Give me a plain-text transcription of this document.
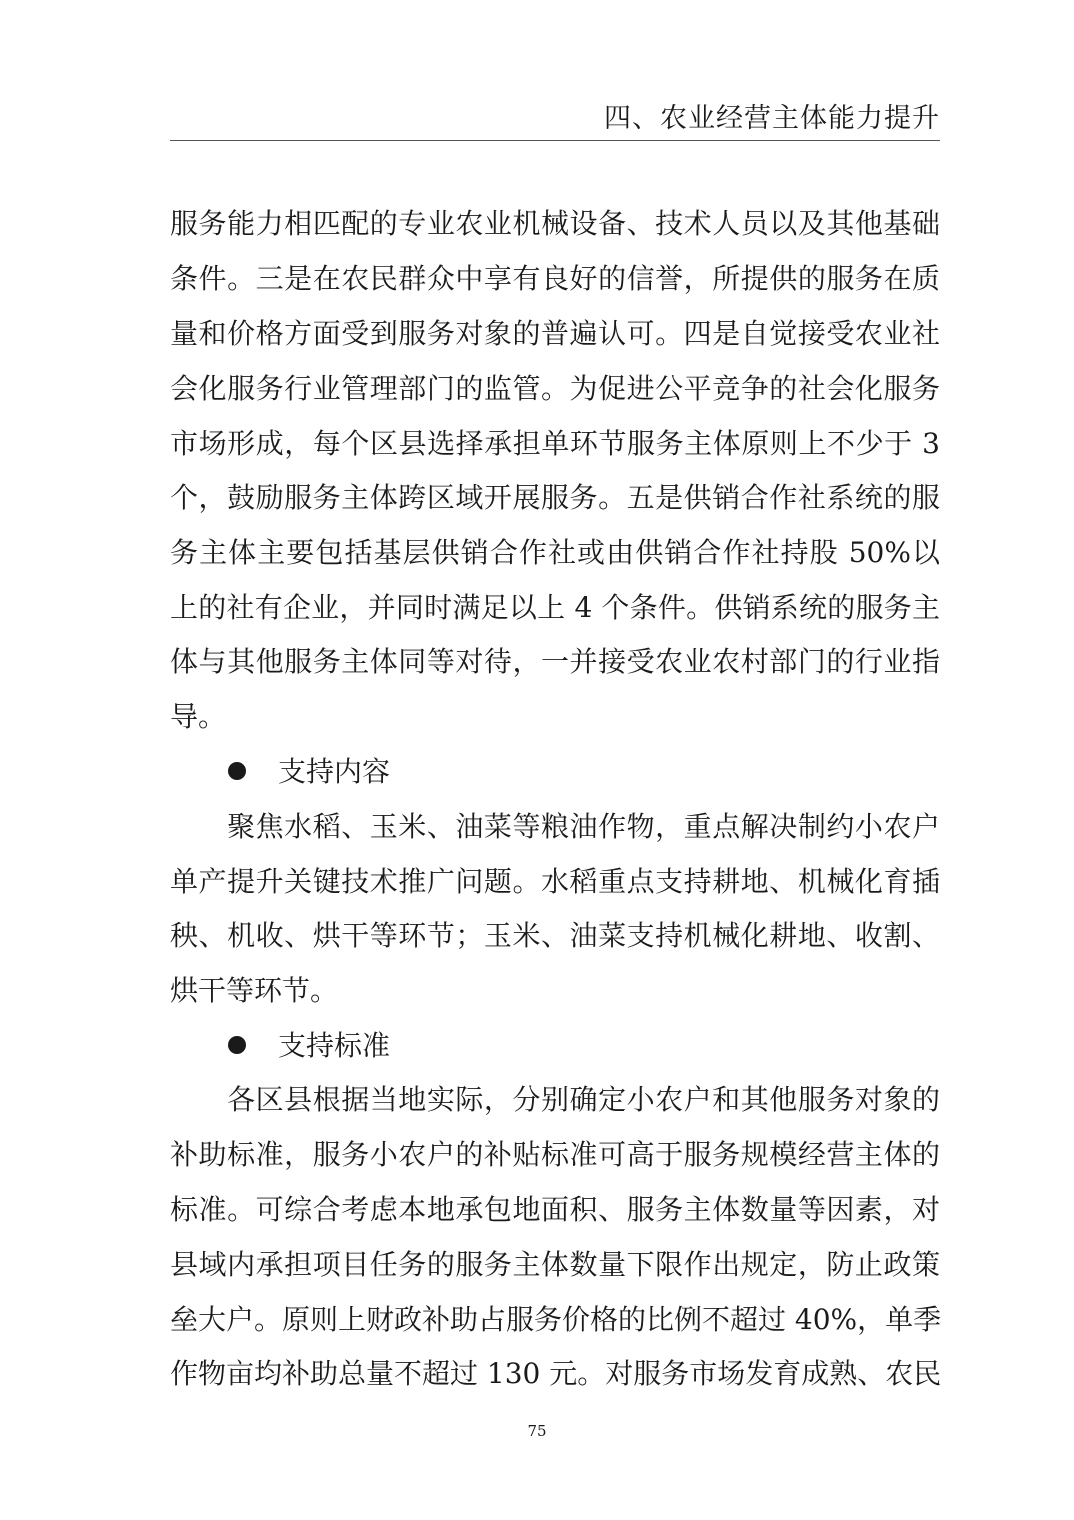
四、农业经营主体能力提升
服务能力相匹配的专业农业机械设备、技术人员以及其他基础
条件。三是在农民群众中享有良好的信誉，所提供的服务在质
量和价格方面受到服务对象的普遍认可。四是自觉接受农业社
会化服务行业管理部门的监管。为促进公平竞争的社会化服务
市场形成，每个区县选择承担单环节服务主体原则上不少于 3
个，鼓励服务主体跨区域开展服务。五是供销合作社系统的服
务主体主要包括基层供销合作社或由供销合作社持股 50%以
上的社有企业，并同时满足以上 4 个条件。供销系统的服务主
体与其他服务主体同等对待，一并接受农业农村部门的行业指
导。
支持内容
　　聚焦水稻、玉米、油菜等粮油作物，重点解决制约小农户
单产提升关键技术推广问题。水稻重点支持耕地、机械化育插
秧、机收、烘干等环节；玉米、油菜支持机械化耕地、收割、
烘干等环节。
支持标准
　　各区县根据当地实际，分别确定小农户和其他服务对象的
补助标准，服务小农户的补贴标准可高于服务规模经营主体的
标准。可综合考虑本地承包地面积、服务主体数量等因素，对
县域内承担项目任务的服务主体数量下限作出规定，防止政策
垒大户。原则上财政补助占服务价格的比例不超过 40%，单季
作物亩均补助总量不超过 130 元。对服务市场发育成熟、农民
75
